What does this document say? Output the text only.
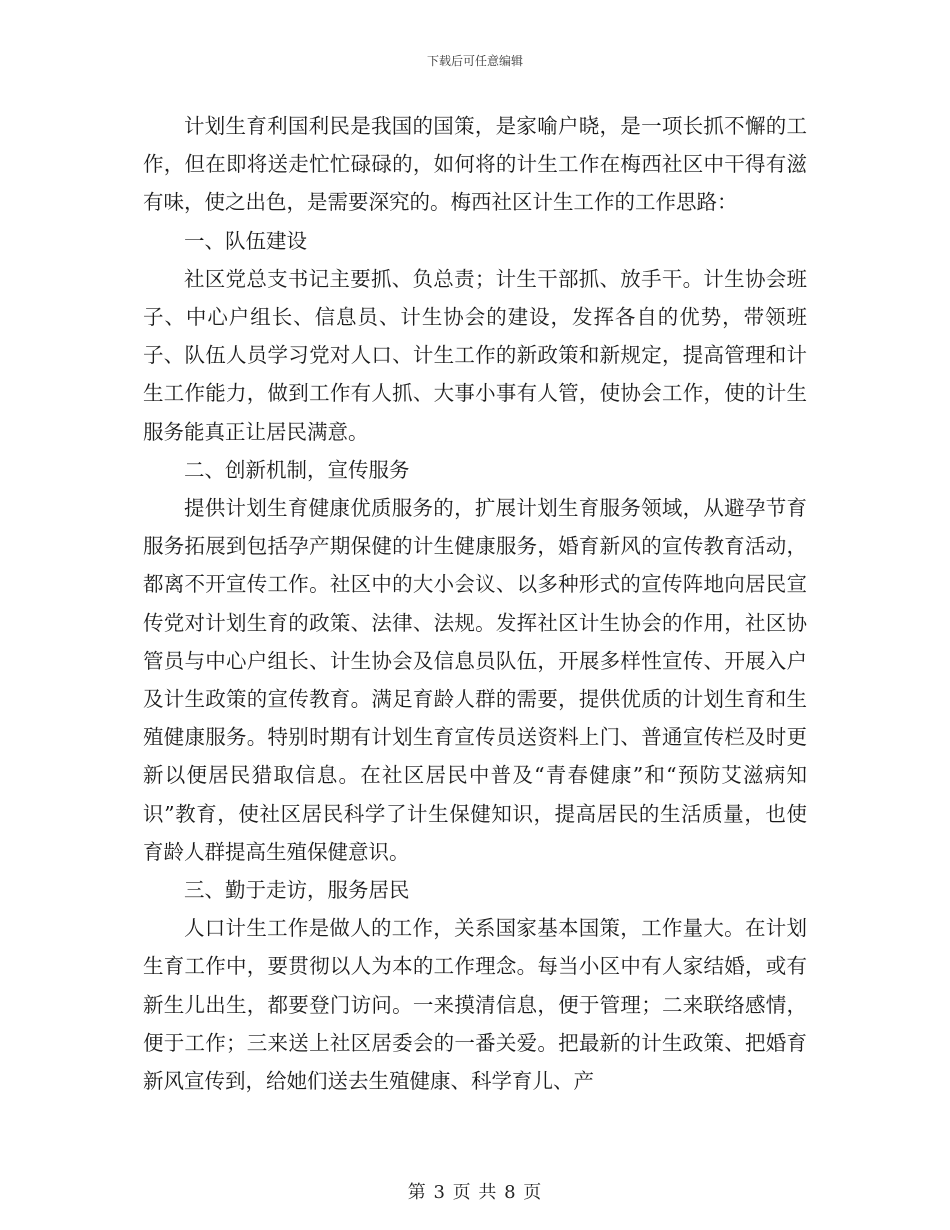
下载后可任意编辑

计划生育利国利民是我国的国策，是家喻户晓，是一项长抓不懈的工作，但在即将送走忙忙碌碌的，如何将的计生工作在梅西社区中干得有滋有味，使之出色，是需要深究的。梅西社区计生工作的工作思路：

一、队伍建设

社区党总支书记主要抓、负总责；计生干部抓、放手干。计生协会班子、中心户组长、信息员、计生协会的建设，发挥各自的优势，带领班子、队伍人员学习党对人口、计生工作的新政策和新规定，提高管理和计生工作能力，做到工作有人抓、大事小事有人管，使协会工作，使的计生服务能真正让居民满意。

二、创新机制，宣传服务

提供计划生育健康优质服务的，扩展计划生育服务领域，从避孕节育服务拓展到包括孕产期保健的计生健康服务，婚育新风的宣传教育活动，都离不开宣传工作。社区中的大小会议、以多种形式的宣传阵地向居民宣传党对计划生育的政策、法律、法规。发挥社区计生协会的作用，社区协管员与中心户组长、计生协会及信息员队伍，开展多样性宣传、开展入户及计生政策的宣传教育。满足育龄人群的需要，提供优质的计划生育和生殖健康服务。特别时期有计划生育宣传员送资料上门、普通宣传栏及时更新以便居民猎取信息。在社区居民中普及“青春健康”和“预防艾滋病知识”教育，使社区居民科学了计生保健知识，提高居民的生活质量，也使育龄人群提高生殖保健意识。

三、勤于走访，服务居民

人口计生工作是做人的工作，关系国家基本国策，工作量大。在计划生育工作中，要贯彻以人为本的工作理念。每当小区中有人家结婚，或有新生儿出生，都要登门访问。一来摸清信息，便于管理；二来联络感情，便于工作；三来送上社区居委会的一番关爱。把最新的计生政策、把婚育新风宣传到，给她们送去生殖健康、科学育儿、产

第 3 页 共 8 页
